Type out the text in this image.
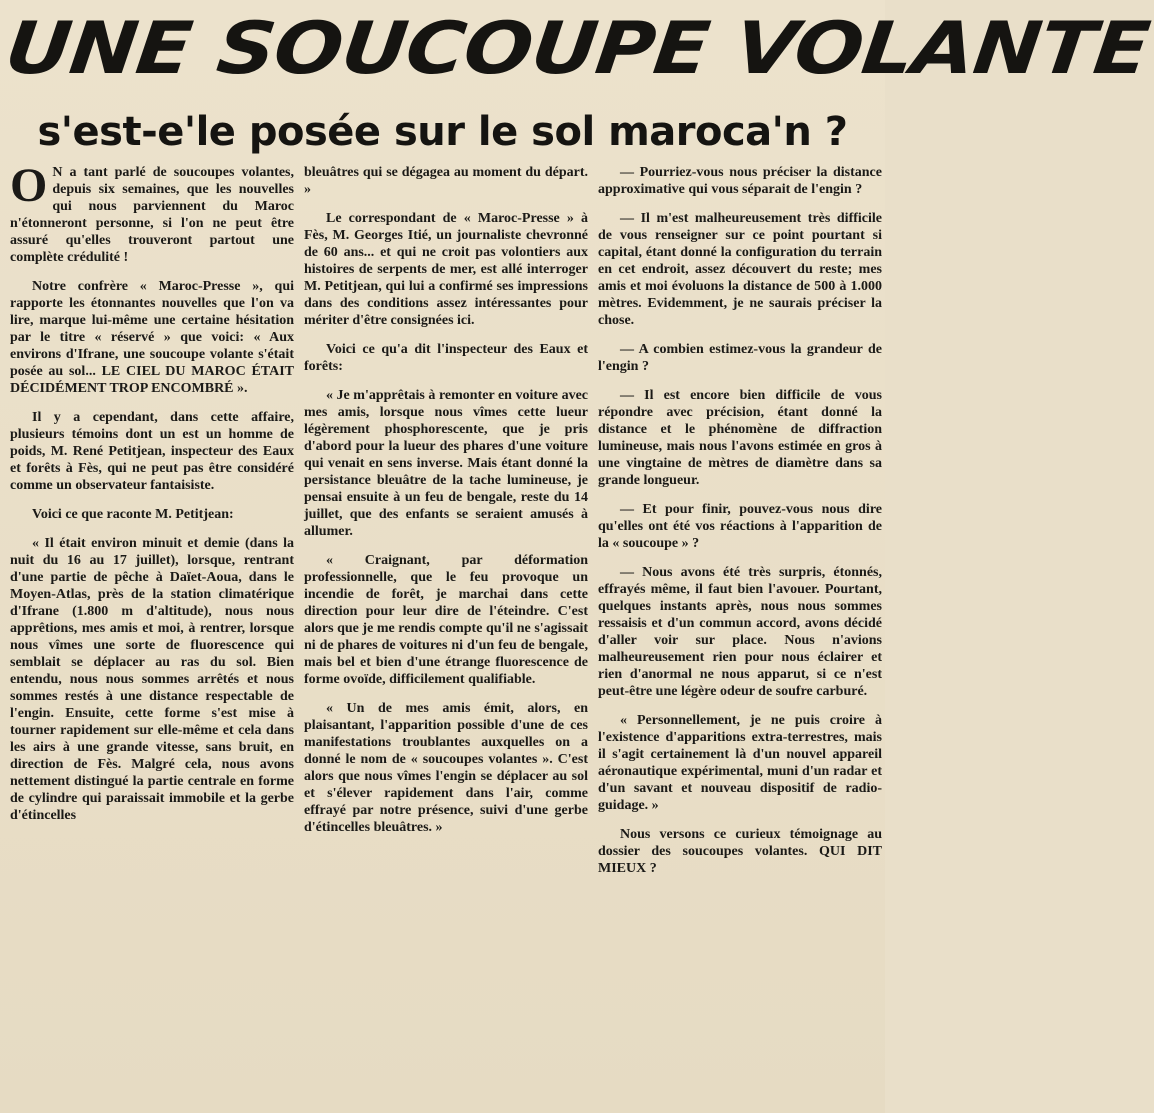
UNE SOUCOUPE VOLANTE
s'est-e'le posée sur le sol maroca'n ?

O N a tant parlé de soucoupes volantes, depuis six semaines, que les nouvelles qui nous parviennent du Maroc n'étonneront personne, si l'on ne peut être assuré qu'elles trouveront partout une complète crédulité !

Notre confrère « Maroc-Presse », qui rapporte les étonnantes nouvelles que l'on va lire, marque lui-même une certaine hésitation par le titre « réservé » que voici: « Aux environs d'Ifrane, une soucoupe volante s'était posée au sol... LE CIEL DU MAROC ÉTAIT DÉCIDÉMENT TROP ENCOMBRÉ ».

Il y a cependant, dans cette affaire, plusieurs témoins dont un est un homme de poids, M. René Petitjean, inspecteur des Eaux et forêts à Fès, qui ne peut pas être considéré comme un observateur fantaisiste.

Voici ce que raconte M. Petitjean:

« Il était environ minuit et demie (dans la nuit du 16 au 17 juillet), lorsque, rentrant d'une partie de pêche à Daïet-Aoua, dans le Moyen-Atlas, près de la station climatérique d'Ifrane (1.800 m d'altitude), nous nous apprêtions, mes amis et moi, à rentrer, lorsque nous vîmes une sorte de fluorescence qui semblait se déplacer au ras du sol. Bien entendu, nous nous sommes arrêtés et nous sommes restés à une distance respectable de l'engin. Ensuite, cette forme s'est mise à tourner rapidement sur elle-même et cela dans les airs à une grande vitesse, sans bruit, en direction de Fès. Malgré cela, nous avons nettement distingué la partie centrale en forme de cylindre qui paraissait immobile et la gerbe d'étincelles

bleuâtres qui se dégagea au moment du départ. »

Le correspondant de « Maroc-Presse » à Fès, M. Georges Itié, un journaliste chevronné de 60 ans... et qui ne croit pas volontiers aux histoires de serpents de mer, est allé interroger M. Petitjean, qui lui a confirmé ses impressions dans des conditions assez intéressantes pour mériter d'être consignées ici.

Voici ce qu'a dit l'inspecteur des Eaux et forêts:

« Je m'apprêtais à remonter en voiture avec mes amis, lorsque nous vîmes cette lueur légèrement phosphorescente, que je pris d'abord pour la lueur des phares d'une voiture qui venait en sens inverse. Mais étant donné la persistance bleuâtre de la tache lumineuse, je pensai ensuite à un feu de bengale, reste du 14 juillet, que des enfants se seraient amusés à allumer.

« Craignant, par déformation professionnelle, que le feu provoque un incendie de forêt, je marchai dans cette direction pour leur dire de l'éteindre. C'est alors que je me rendis compte qu'il ne s'agissait ni de phares de voitures ni d'un feu de bengale, mais bel et bien d'une étrange fluorescence de forme ovoïde, difficilement qualifiable.

« Un de mes amis émit, alors, en plaisantant, l'apparition possible d'une de ces manifestations troublantes auxquelles on a donné le nom de « soucoupes volantes ». C'est alors que nous vîmes l'engin se déplacer au sol et s'élever rapidement dans l'air, comme effrayé par notre présence, suivi d'une gerbe d'étincelles bleuâtres. »

— Pourriez-vous nous préciser la distance approximative qui vous séparait de l'engin ?

— Il m'est malheureusement très difficile de vous renseigner sur ce point pourtant si capital, étant donné la configuration du terrain en cet endroit, assez découvert du reste; mes amis et moi évoluons la distance de 500 à 1.000 mètres. Evidemment, je ne saurais préciser la chose.

— A combien estimez-vous la grandeur de l'engin ?

— Il est encore bien difficile de vous répondre avec précision, étant donné la distance et le phénomène de diffraction lumineuse, mais nous l'avons estimée en gros à une vingtaine de mètres de diamètre dans sa grande longueur.

— Et pour finir, pouvez-vous nous dire qu'elles ont été vos réactions à l'apparition de la « soucoupe » ?

— Nous avons été très surpris, étonnés, effrayés même, il faut bien l'avouer. Pourtant, quelques instants après, nous nous sommes ressaisis et d'un commun accord, avons décidé d'aller voir sur place. Nous n'avions malheureusement rien pour nous éclairer et rien d'anormal ne nous apparut, si ce n'est peut-être une légère odeur de soufre carburé.

« Personnellement, je ne puis croire à l'existence d'apparitions extra-terrestres, mais il s'agit certainement là d'un nouvel appareil aéronautique expérimental, muni d'un radar et d'un savant et nouveau dispositif de radio-guidage. »

Nous versons ce curieux témoignage au dossier des soucoupes volantes. QUI DIT MIEUX ?
